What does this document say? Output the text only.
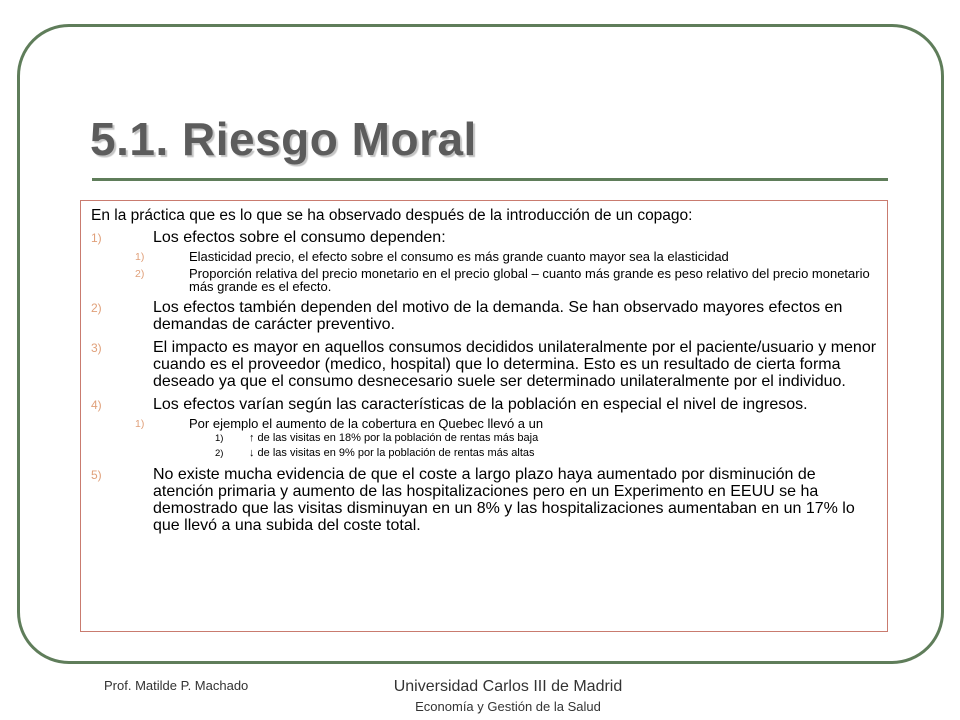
5.1. Riesgo Moral

En la práctica que es lo que se ha observado después de la introducción de un copago:

1)	Los efectos sobre el consumo dependen:
1)	Elasticidad precio, el efecto sobre el consumo es más grande cuanto mayor sea la elasticidad
2)	Proporción relativa del precio monetario en el precio global – cuanto más grande es peso relativo del precio monetario más grande es el efecto.
2)	Los efectos también dependen del motivo de la demanda. Se han observado mayores efectos en demandas de carácter preventivo.
3)	El impacto es mayor en aquellos consumos decididos unilateralmente por el paciente/usuario y menor cuando es el proveedor (medico, hospital) que lo determina. Esto es un resultado de cierta forma deseado ya que el consumo desnecesario suele ser determinado unilateralmente por el individuo.
4)	Los efectos varían según las características de la población en especial el nivel de ingresos.
1)	Por ejemplo el aumento de la cobertura en Quebec llevó a un
1) ↑ de las visitas en 18% por la población de rentas más baja
2) ↓ de las visitas en 9% por la población de rentas más altas
5)	No existe mucha evidencia de que el coste a largo plazo haya aumentado por disminución de atención primaria y aumento de las hospitalizaciones pero en un Experimento en EEUU se ha demostrado que las visitas disminuyan en un 8% y las hospitalizaciones aumentaban en un 17% lo que llevó a una subida del coste total.
Prof. Matilde P. Machado	Universidad Carlos III de Madrid
Economía y Gestión de la Salud
